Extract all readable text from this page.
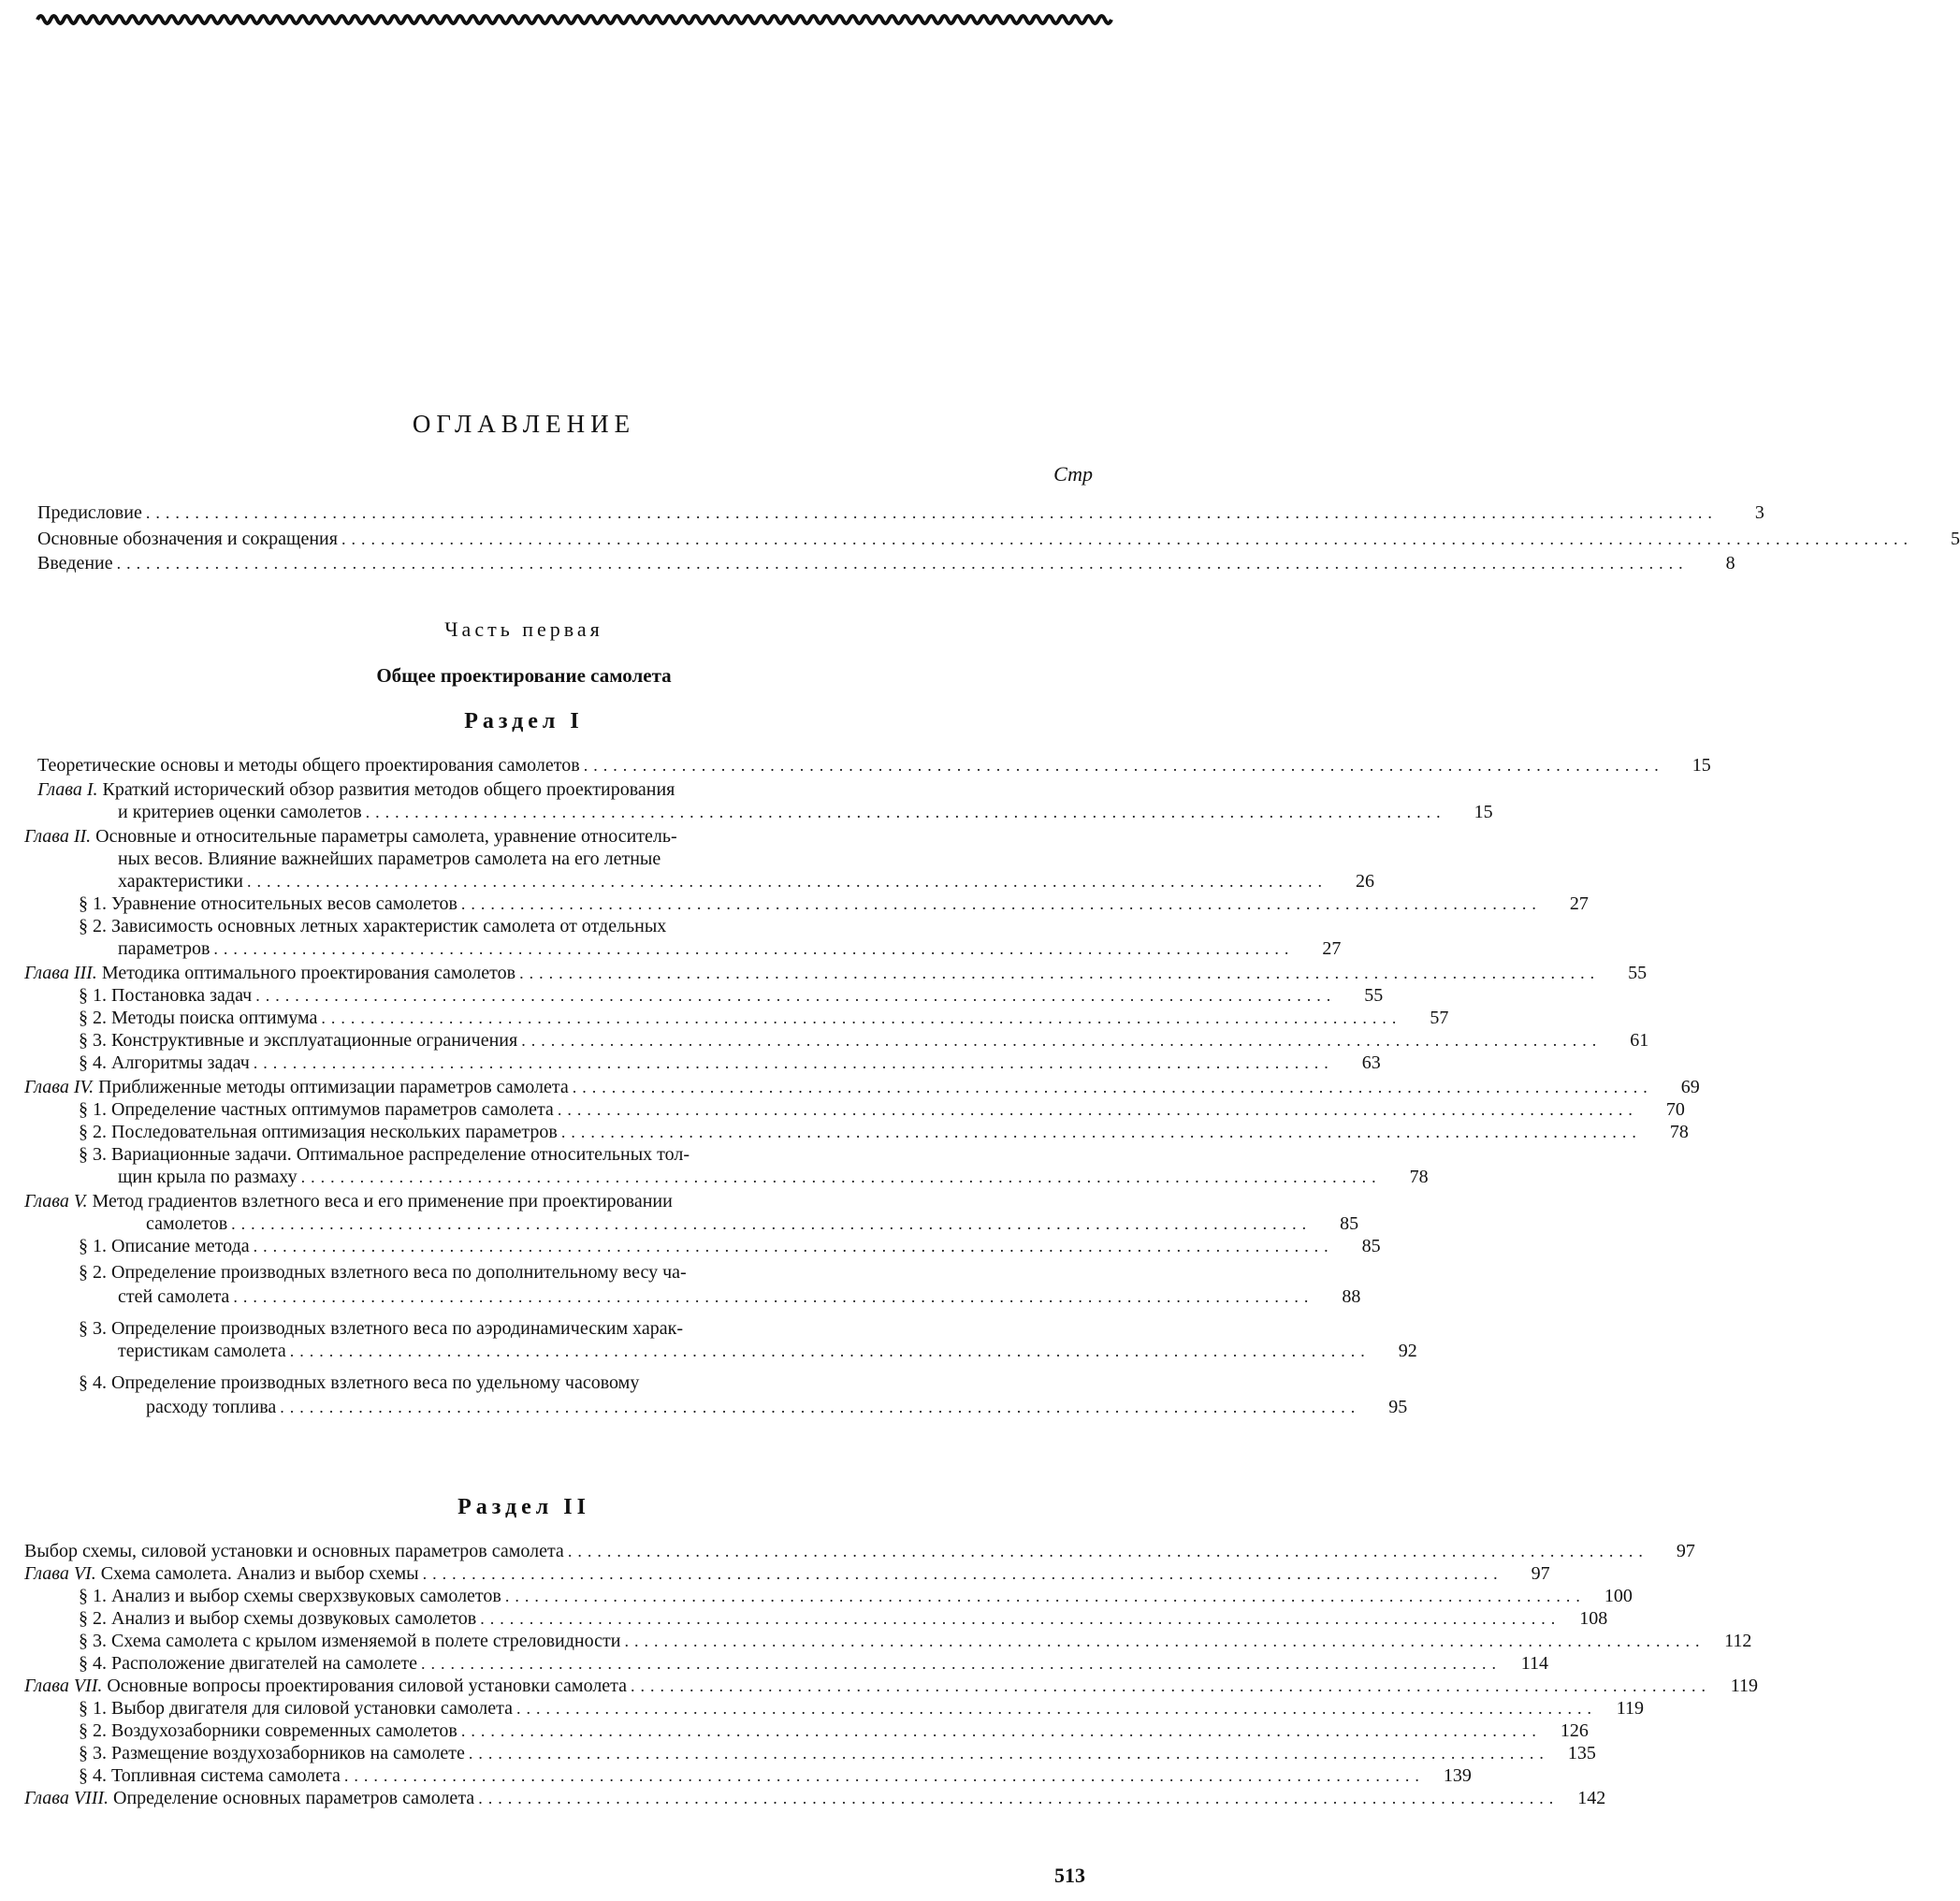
ОГЛАВЛЕНИЕ
Стр
Предисловие ................................................................................................................................................................	3
Основные обозначения и сокращения ................................................................................................................................................................	5
Введение ................................................................................................................................................................	8
Часть первая
Общее проектирование самолета
Раздел I
Теоретические основы и методы общего проектирования самолетов ..............................................................................................................	15
Глава I. Краткий исторический обзор развития методов общего проектирования
и критериев оценки самолетов ..............................................................................................................	15
Глава II. Основные и относительные параметры самолета, уравнение относитель-
ных весов. Влияние важнейших параметров самолета на его летные
характеристики ..............................................................................................................	26
§ 1. Уравнение относительных весов самолетов ..............................................................................................................	27
§ 2. Зависимость основных летных характеристик самолета от отдельных
параметров ..............................................................................................................	27
Глава III. Методика оптимального проектирования самолетов ..............................................................................................................	55
§ 1. Постановка задач ..............................................................................................................	55
§ 2. Методы поиска оптимума ..............................................................................................................	57
§ 3. Конструктивные и эксплуатационные ограничения ..............................................................................................................	61
§ 4. Алгоритмы задач ..............................................................................................................	63
Глава IV. Приближенные методы оптимизации параметров самолета ..............................................................................................................	69
§ 1. Определение частных оптимумов параметров самолета ..............................................................................................................	70
§ 2. Последовательная оптимизация нескольких параметров ..............................................................................................................	78
§ 3. Вариационные задачи. Оптимальное распределение относительных тол-
щин крыла по размаху ..............................................................................................................	78
Глава V. Метод градиентов взлетного веса и его применение при проектировании
самолетов ..............................................................................................................	85
§ 1. Описание метода ..............................................................................................................	85
§ 2. Определение производных взлетного веса по дополнительному весу ча-
стей самолета ..............................................................................................................	88
§ 3. Определение производных взлетного веса по аэродинамическим харак-
теристикам самолета ..............................................................................................................	92
§ 4. Определение производных взлетного веса по удельному часовому
расходу топлива ..............................................................................................................	95
Раздел II
Выбор схемы, силовой установки и основных параметров самолета ..............................................................................................................	97
Глава VI. Схема самолета. Анализ и выбор схемы ..............................................................................................................	97
§ 1. Анализ и выбор схемы сверхзвуковых самолетов ..............................................................................................................	100
§ 2. Анализ и выбор схемы дозвуковых самолетов ..............................................................................................................	108
§ 3. Схема самолета с крылом изменяемой в полете стреловидности ..............................................................................................................	112
§ 4. Расположение двигателей на самолете ..............................................................................................................	114
Глава VII. Основные вопросы проектирования силовой установки самолета ..............................................................................................................	119
§ 1. Выбор двигателя для силовой установки самолета ..............................................................................................................	119
§ 2. Воздухозаборники современных самолетов ..............................................................................................................	126
§ 3. Размещение воздухозаборников на самолете ..............................................................................................................	135
§ 4. Топливная система самолета ..............................................................................................................	139
Глава VIII. Определение основных параметров самолета ..............................................................................................................	142
513
